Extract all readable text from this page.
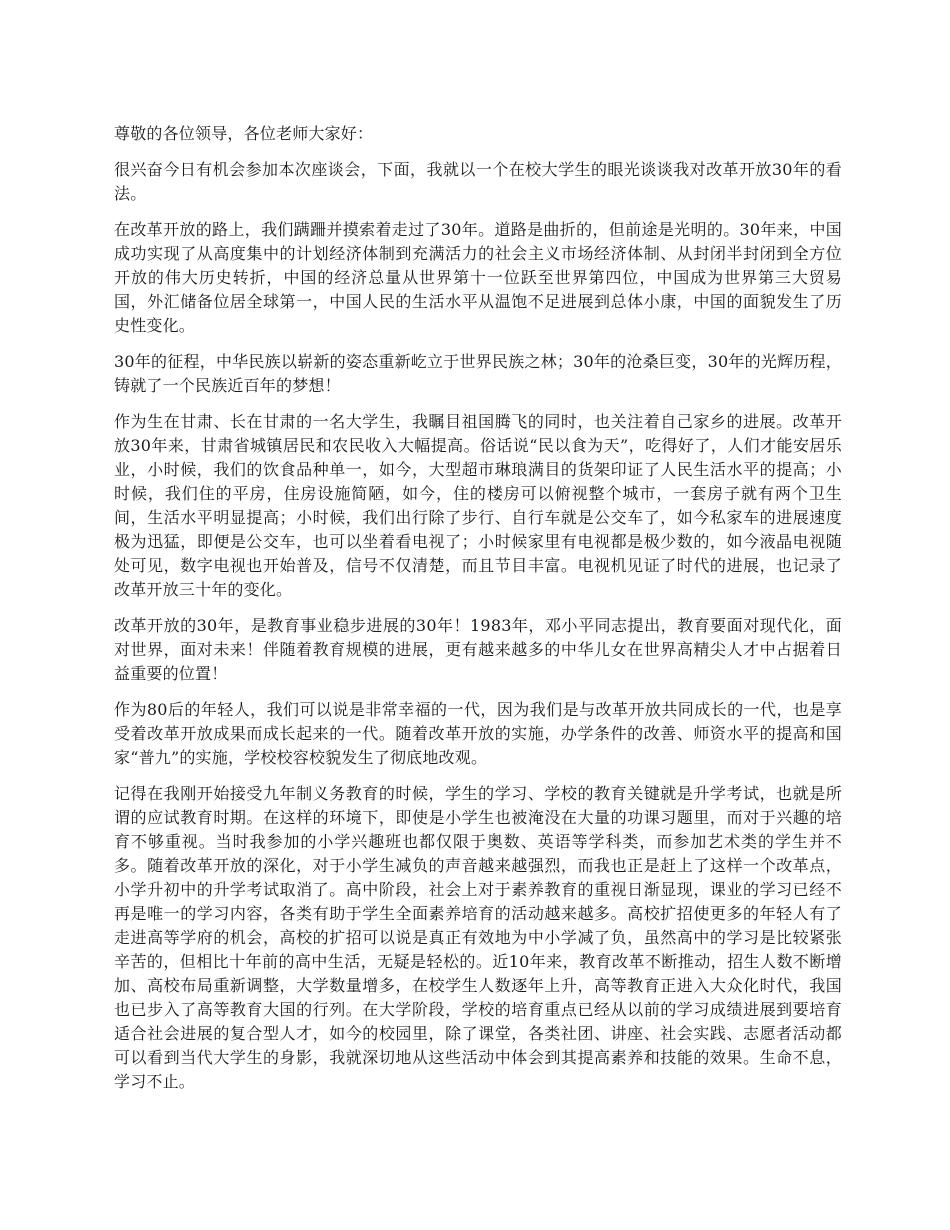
尊敬的各位领导，各位老师大家好：

很兴奋今日有机会参加本次座谈会，下面，我就以一个在校大学生的眼光谈谈我对改革开放30年的看法。

在改革开放的路上，我们蹒跚并摸索着走过了30年。道路是曲折的，但前途是光明的。30年来，中国成功实现了从高度集中的计划经济体制到充满活力的社会主义市场经济体制、从封闭半封闭到全方位开放的伟大历史转折，中国的经济总量从世界第十一位跃至世界第四位，中国成为世界第三大贸易国，外汇储备位居全球第一，中国人民的生活水平从温饱不足进展到总体小康，中国的面貌发生了历史性变化。

30年的征程，中华民族以崭新的姿态重新屹立于世界民族之林；30年的沧桑巨变，30年的光辉历程，铸就了一个民族近百年的梦想！

作为生在甘肃、长在甘肃的一名大学生，我瞩目祖国腾飞的同时，也关注着自己家乡的进展。改革开放30年来，甘肃省城镇居民和农民收入大幅提高。俗话说“民以食为天”，吃得好了，人们才能安居乐业，小时候，我们的饮食品种单一，如今，大型超市琳琅满目的货架印证了人民生活水平的提高；小时候，我们住的平房，住房设施简陋，如今，住的楼房可以俯视整个城市，一套房子就有两个卫生间，生活水平明显提高；小时候，我们出行除了步行、自行车就是公交车了，如今私家车的进展速度极为迅猛，即便是公交车，也可以坐着看电视了；小时候家里有电视都是极少数的，如今液晶电视随处可见，数字电视也开始普及，信号不仅清楚，而且节目丰富。电视机见证了时代的进展，也记录了改革开放三十年的变化。

改革开放的30年，是教育事业稳步进展的30年！1983年，邓小平同志提出，教育要面对现代化，面对世界，面对未来！伴随着教育规模的进展，更有越来越多的中华儿女在世界高精尖人才中占据着日益重要的位置！

作为80后的年轻人，我们可以说是非常幸福的一代，因为我们是与改革开放共同成长的一代，也是享受着改革开放成果而成长起来的一代。随着改革开放的实施，办学条件的改善、师资水平的提高和国家“普九”的实施，学校校容校貌发生了彻底地改观。

记得在我刚开始接受九年制义务教育的时候，学生的学习、学校的教育关键就是升学考试，也就是所谓的应试教育时期。在这样的环境下，即使是小学生也被淹没在大量的功课习题里，而对于兴趣的培育不够重视。当时我参加的小学兴趣班也都仅限于奥数、英语等学科类，而参加艺术类的学生并不多。随着改革开放的深化，对于小学生减负的声音越来越强烈，而我也正是赶上了这样一个改革点，小学升初中的升学考试取消了。高中阶段，社会上对于素养教育的重视日渐显现，课业的学习已经不再是唯一的学习内容，各类有助于学生全面素养培育的活动越来越多。高校扩招使更多的年轻人有了走进高等学府的机会，高校的扩招可以说是真正有效地为中小学减了负，虽然高中的学习是比较紧张辛苦的，但相比十年前的高中生活，无疑是轻松的。近10年来，教育改革不断推动，招生人数不断增加、高校布局重新调整，大学数量增多，在校学生人数逐年上升，高等教育正进入大众化时代，我国也已步入了高等教育大国的行列。在大学阶段，学校的培育重点已经从以前的学习成绩进展到要培育适合社会进展的复合型人才，如今的校园里，除了课堂，各类社团、讲座、社会实践、志愿者活动都可以看到当代大学生的身影，我就深切地从这些活动中体会到其提高素养和技能的效果。生命不息，学习不止。
